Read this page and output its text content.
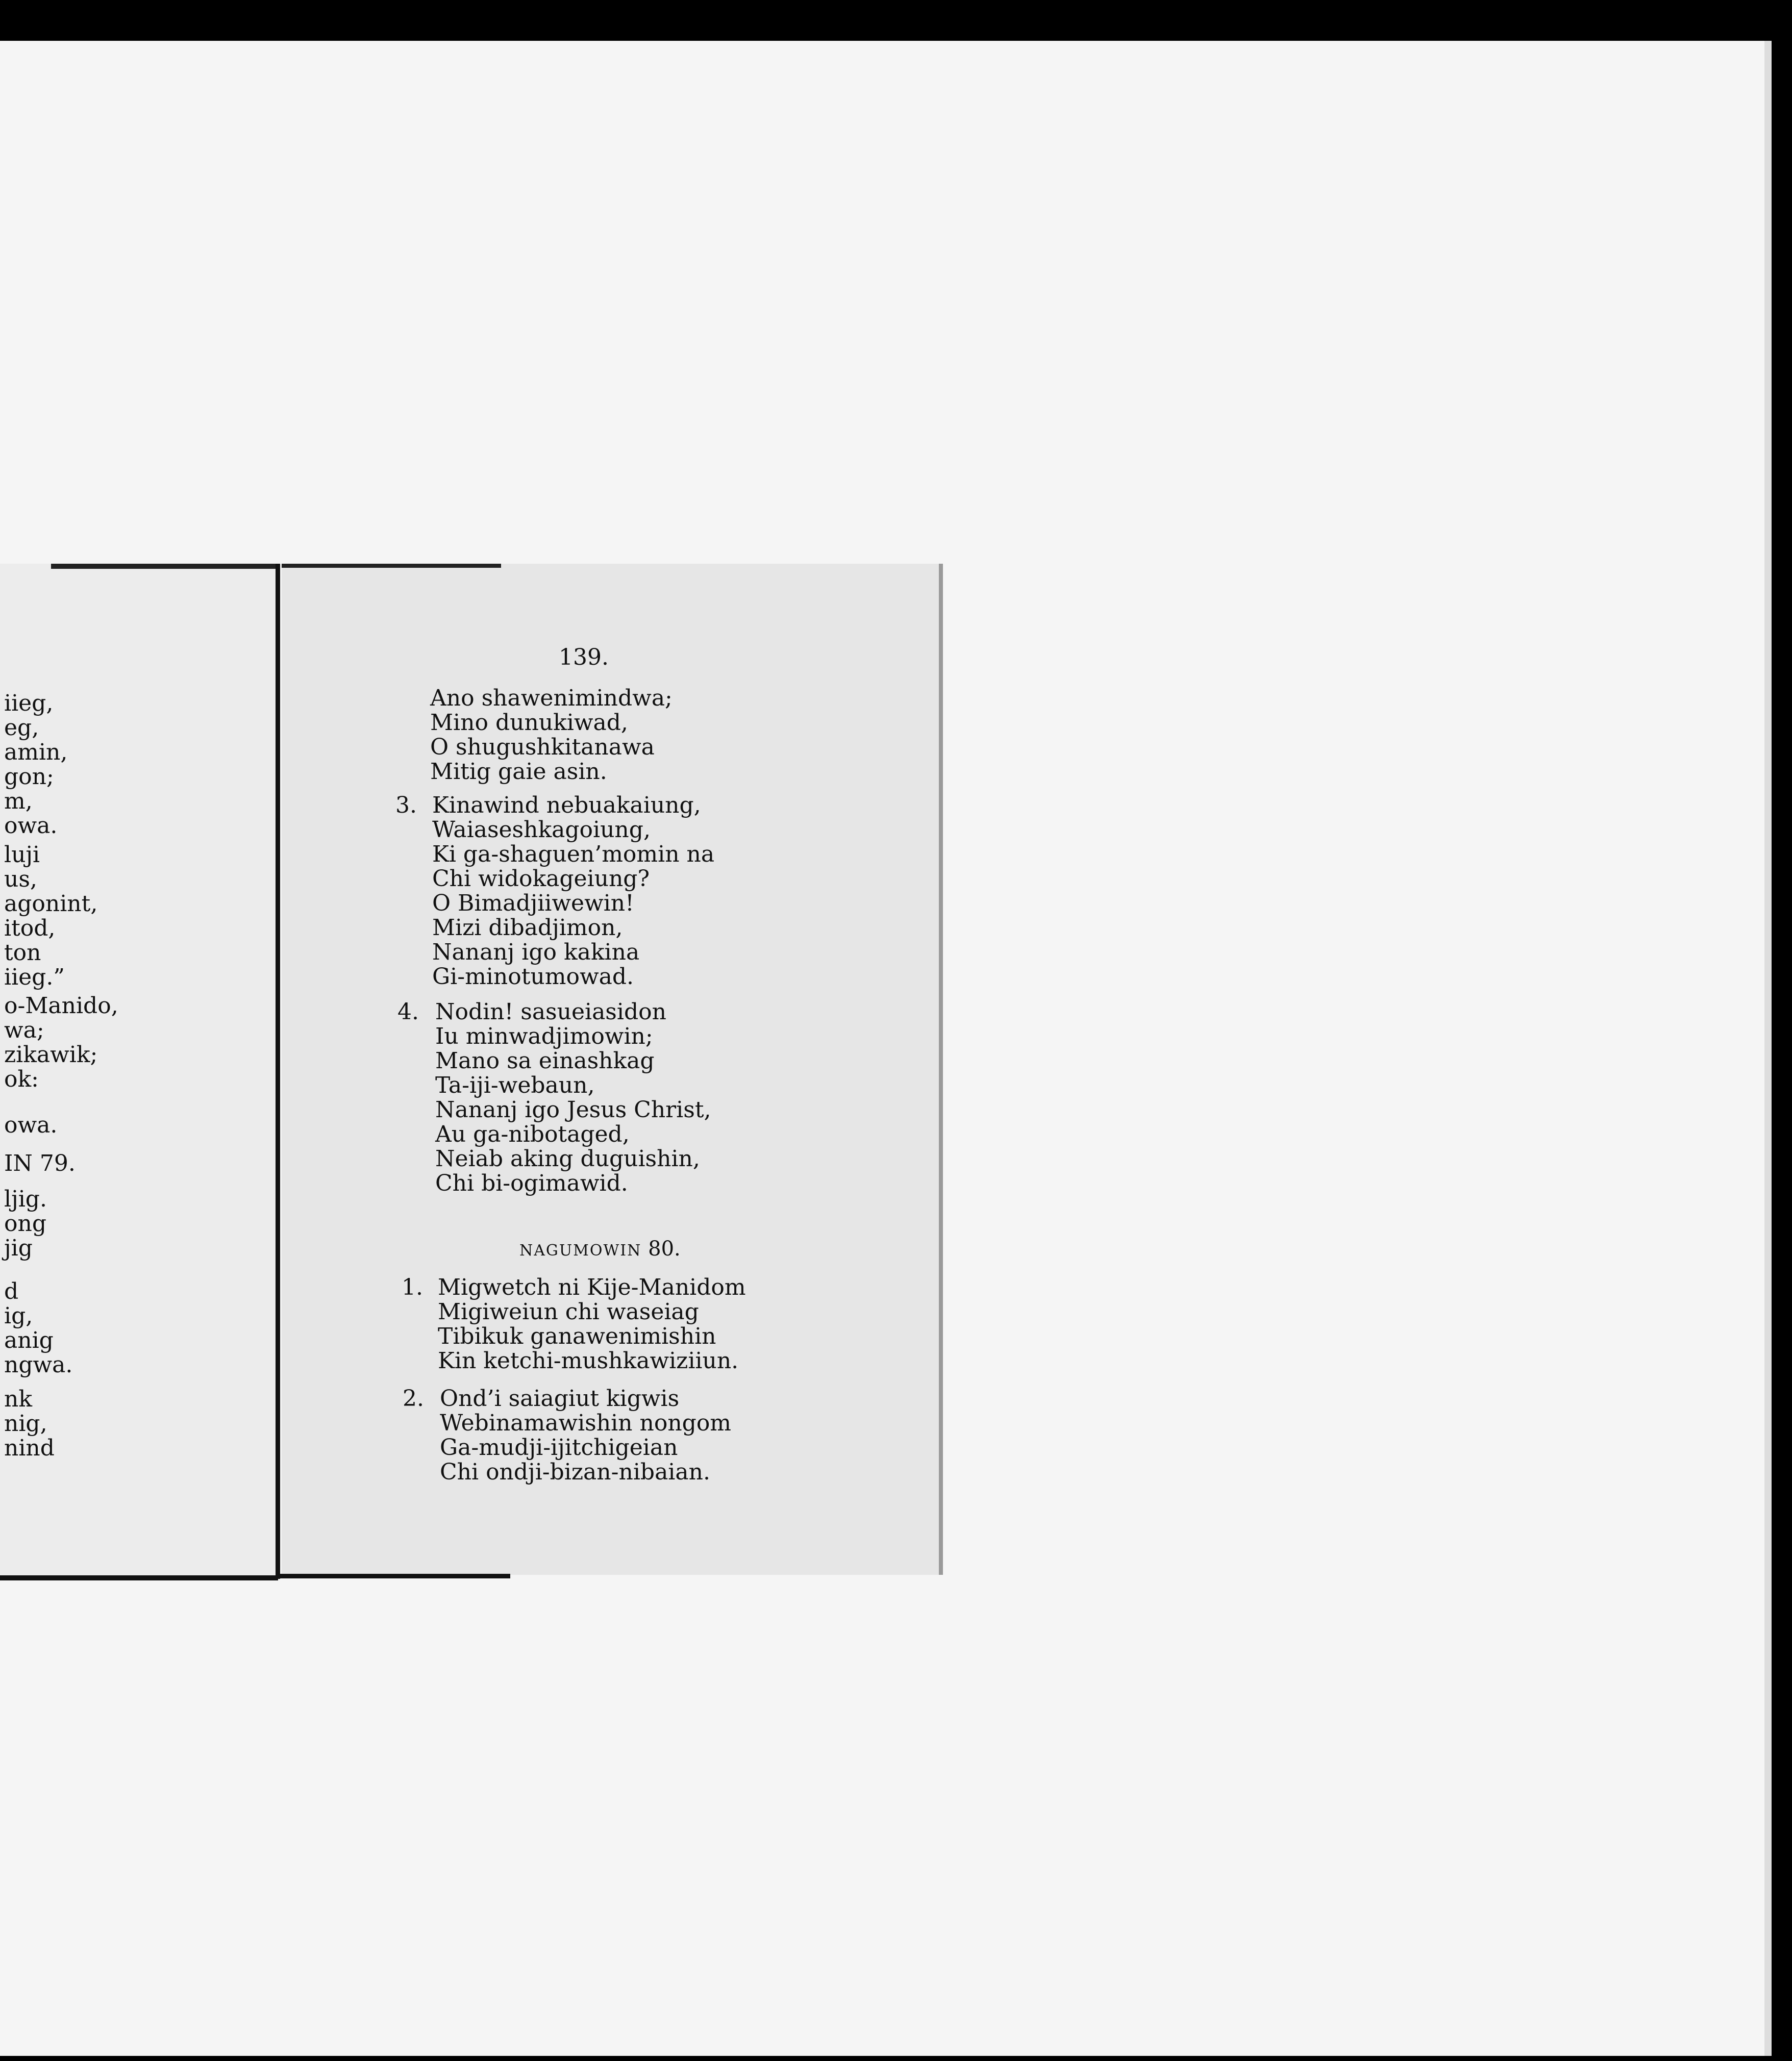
iieg,
eg,
amin,
gon;
m,
owa.
luji
us,
agonint,
itod,
ton
iieg.”
o-Manido,
wa;
zikawik;
ok:
owa.
IN 79.
ljig.
ong
jig
d
ig,
anig
ngwa.
nk
nig,
nind
139.
Ano shawenimindwa;
Mino dunukiwad,
O shugushkitanawa
Mitig gaie asin.
3. Kinawind nebuakaiung,
Waiaseshkagoiung,
Ki ga-shaguen’momin na
Chi widokageiung?
O Bimadjiiwewin!
Mizi dibadjimon,
Nananj igo kakina
Gi-minotumowad.
4. Nodin! sasueiasidon
Iu minwadjimowin;
Mano sa einashkag
Ta-iji-webaun,
Nananj igo Jesus Christ,
Au ga-nibotaged,
Neiab aking duguishin,
Chi bi-ogimawid.
NAGUMOWIN 80.
1. Migwetch ni Kije-Manidom
Migiweiun chi waseiag
Tibikuk ganawenimishin
Kin ketchi-mushkawiziiun.
2. Ond’i saiagiut kigwis
Webinamawishin nongom
Ga-mudji-ijitchigeian
Chi ondji-bizan-nibaian.
